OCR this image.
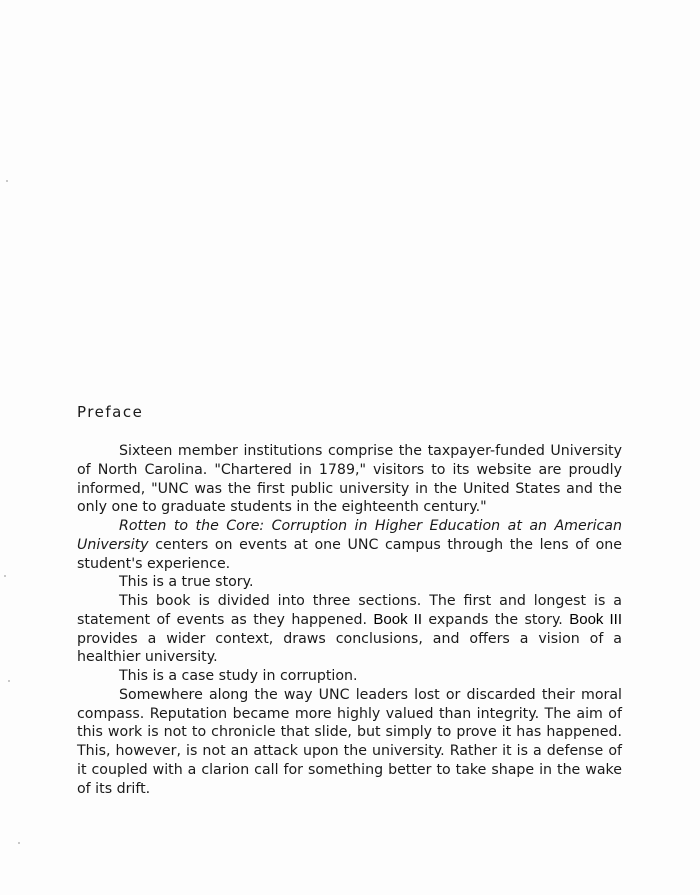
Preface

Sixteen member institutions comprise the taxpayer-funded University of North Carolina. "Chartered in 1789," visitors to its website are proudly informed, "UNC was the first public university in the United States and the only one to graduate students in the eighteenth century."

Rotten to the Core: Corruption in Higher Education at an American University centers on events at one UNC campus through the lens of one student's experience.

This is a true story.

This book is divided into three sections. The first and longest is a statement of events as they happened. Book II expands the story. Book III provides a wider context, draws conclusions, and offers a vision of a healthier university.

This is a case study in corruption.

Somewhere along the way UNC leaders lost or discarded their moral compass. Reputation became more highly valued than integrity. The aim of this work is not to chronicle that slide, but simply to prove it has happened. This, however, is not an attack upon the university. Rather it is a defense of it coupled with a clarion call for something better to take shape in the wake of its drift.
